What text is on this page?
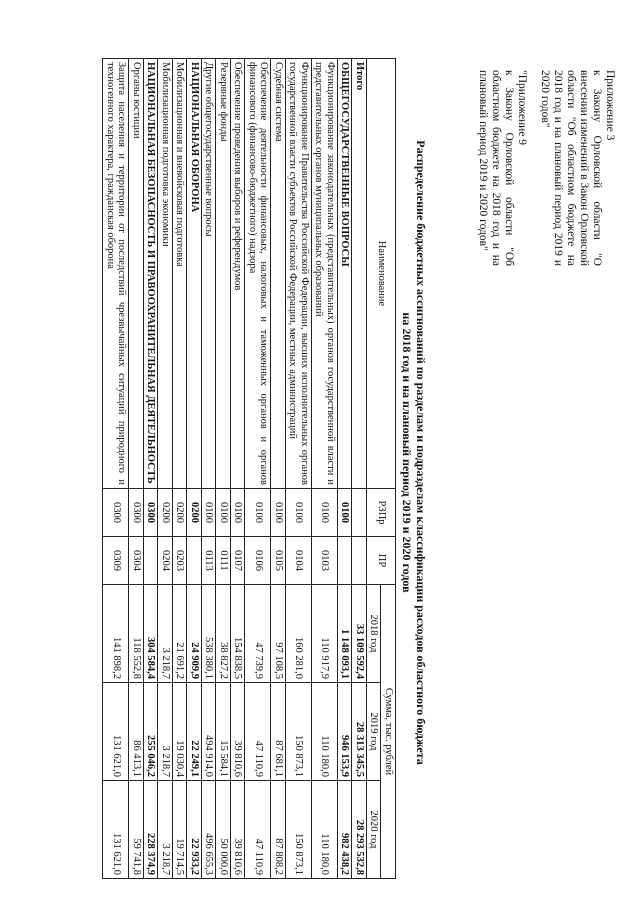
Приложение 3
к Закону Орловской области "О внесении изменений в Закон Орловской области "Об областном бюджете на 2018 год и на плановый период 2019 и 2020 годов"

"Приложение 9
к Закону Орловской области "Об областном бюджете на 2018 год и на плановый период 2019 и 2020 годов"

Распределение бюджетных ассигнований по разделам и подразделам классификации расходов областного бюджета
на 2018 год и на плановый период 2019 и 2020 годов
Наименование	РЗПр	ПР	Сумма, тыс. рублей		
			2018 год	2019 год	2020 год
Итого			33 109 592,4	28 313 345,5	28 293 532,8
ОБЩЕГОСУДАРСТВЕННЫЕ ВОПРОСЫ	0100		1 148 093,1	946 153,9	982 438,2
Функционирование законодательных (представительных) органов государственной власти и представительных органов муниципальных образований	0100	0103	110 917,9	110 180,0	110 180,0
Функционирование Правительства Российской Федерации, высших исполнительных органов государственной власти субъектов Российской Федерации, местных администраций	0100	0104	160 281,0	150 873,1	150 873,1
Судебная система	0100	0105	97 108,5	87 681,1	87 808,2
Обеспечение деятельности финансовых, налоговых и таможенных органов и органов финансового (финансово-бюджетного) надзора	0100	0106	47 739,9	47 110,9	47 110,9
Обеспечение проведения выборов и референдумов	0100	0107	154 838,5	39 810,6	39 810,6
Резервные фонды	0100	0111	38 827,2	15 584,1	50 000,0
Другие общегосударственные вопросы	0100	0113	538 380,1	494 914,0	496 655,3
НАЦИОНАЛЬНАЯ ОБОРОНА	0200		24 909,9	22 249,1	22 933,2
Мобилизационная и вневойсковая подготовка	0200	0203	21 691,2	19 030,4	19 714,5
Мобилизационная подготовка экономики	0200	0204	3 218,7	3 218,7	3 218,7
НАЦИОНАЛЬНАЯ БЕЗОПАСНОСТЬ И ПРАВООХРАНИТЕЛЬНАЯ ДЕЯТЕЛЬНОСТЬ	0300		304 584,4	255 046,2	228 374,9
Органы юстиции	0300	0304	118 552,8	86 413,1	59 741,8
Защита населения и территории от последствий чрезвычайных ситуаций природного и техногенного характера, гражданская оборона	0300	0309	141 898,2	131 621,0	131 621,0
